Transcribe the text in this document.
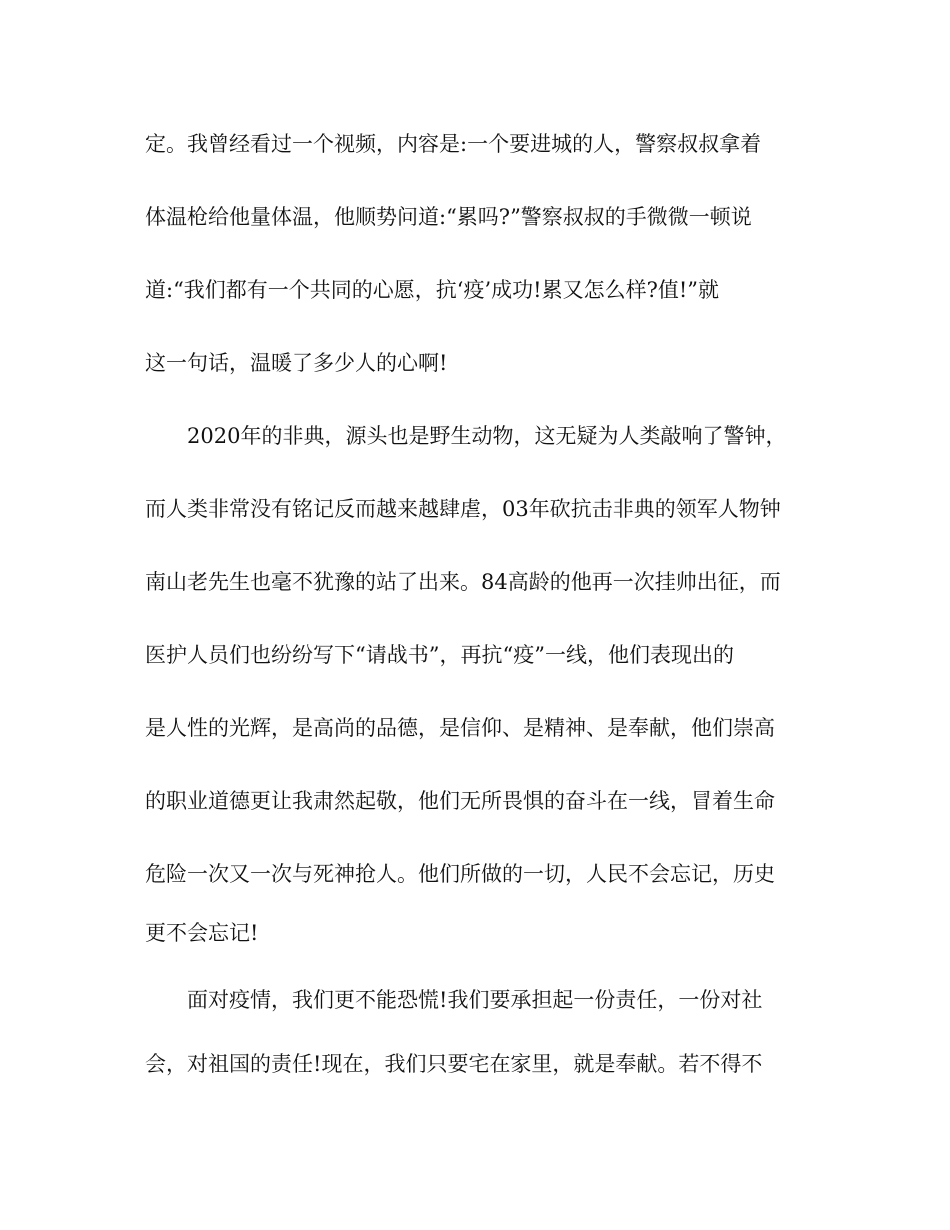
定。我曾经看过一个视频，内容是:一个要进城的人，警察叔叔拿着
体温枪给他量体温，他顺势问道:“累吗?”警察叔叔的手微微一顿说
道:“我们都有一个共同的心愿，抗‘疫’成功!累又怎么样?值!”就
这一句话，温暖了多少人的心啊!
2020年的非典，源头也是野生动物，这无疑为人类敲响了警钟，
而人类非常没有铭记反而越来越肆虐，03年砍抗击非典的领军人物钟
南山老先生也毫不犹豫的站了出来。84高龄的他再一次挂帅出征，而
医护人员们也纷纷写下“请战书”，再抗“疫”一线，他们表现出的
是人性的光辉，是高尚的品德，是信仰、是精神、是奉献，他们崇高
的职业道德更让我肃然起敬，他们无所畏惧的奋斗在一线，冒着生命
危险一次又一次与死神抢人。他们所做的一切，人民不会忘记，历史
更不会忘记!
面对疫情，我们更不能恐慌!我们要承担起一份责任，一份对社
会，对祖国的责任!现在，我们只要宅在家里，就是奉献。若不得不
